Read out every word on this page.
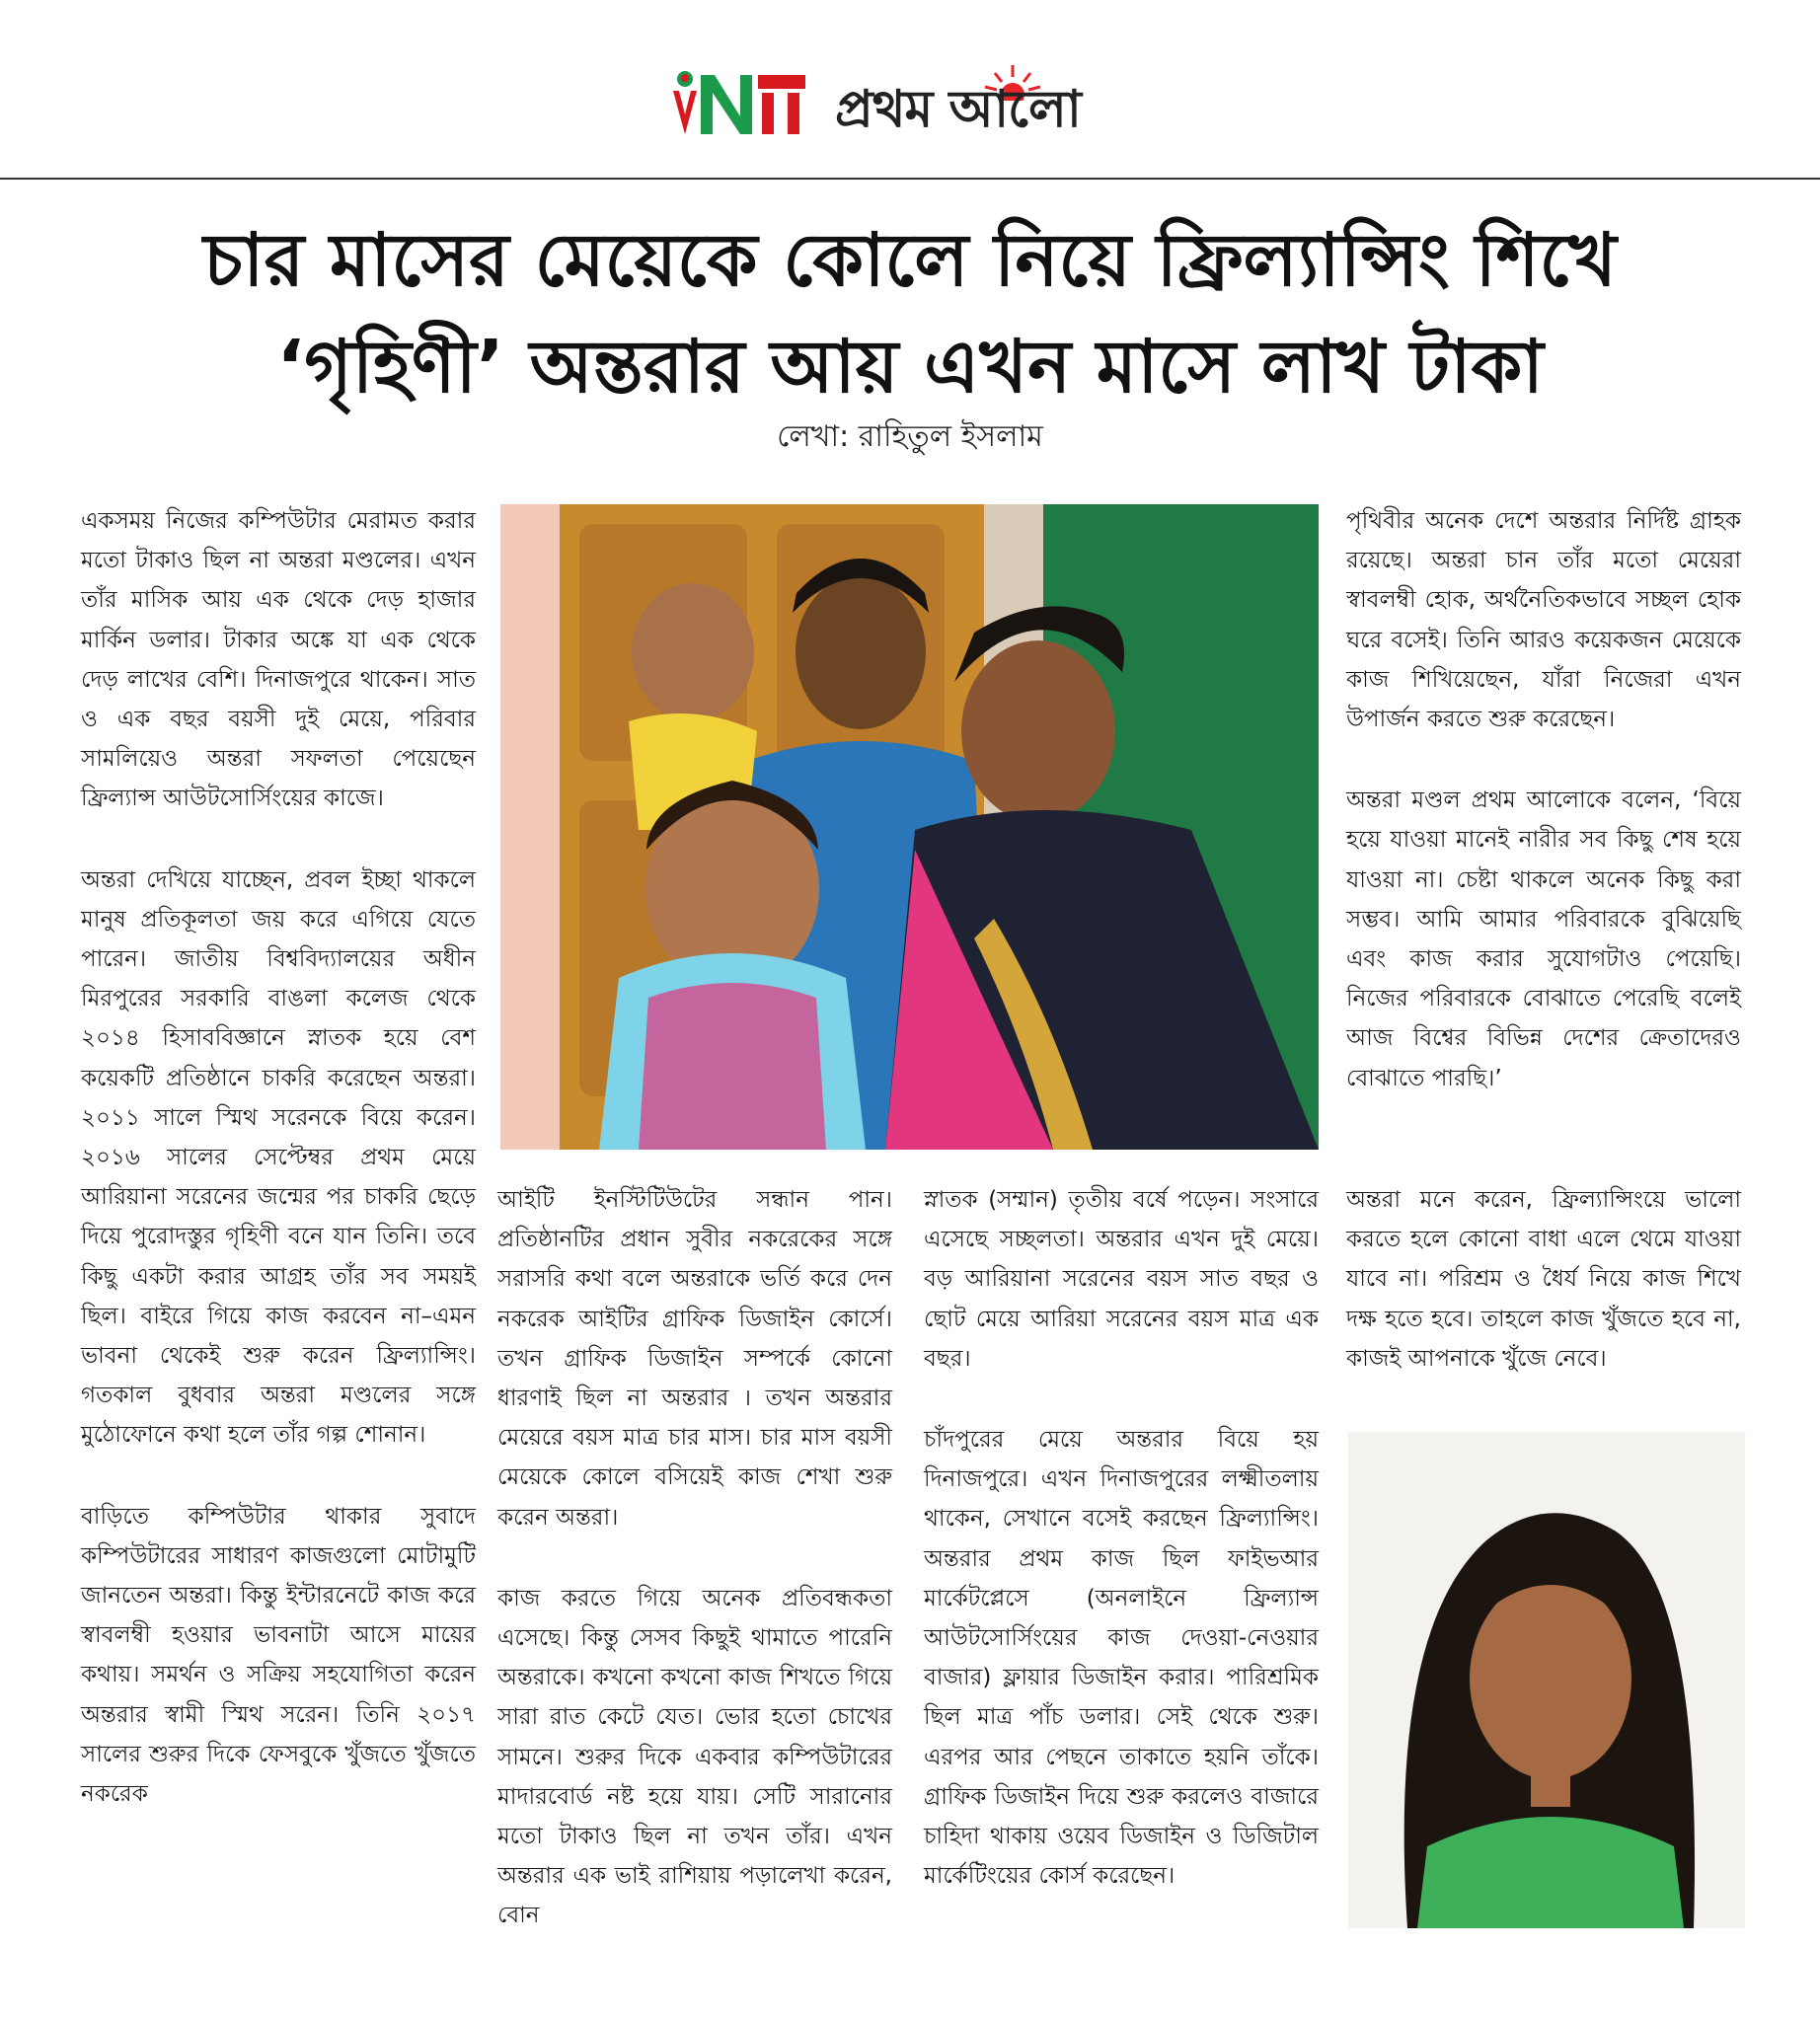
প্রথম আলো
চার মাসের মেয়েকে কোলে নিয়ে ফ্রিল্যান্সিং শিখে
‘গৃহিণী’ অন্তরার আয় এখন মাসে লাখ টাকা
লেখা: রাহিতুল ইসলাম

একসময় নিজের কম্পিউটার মেরামত করার মতো টাকাও ছিল না অন্তরা মণ্ডলের। এখন তাঁর মাসিক আয় এক থেকে দেড় হাজার মার্কিন ডলার। টাকার অঙ্কে যা এক থেকে দেড় লাখের বেশি। দিনাজপুরে থাকেন। সাত ও এক বছর বয়সী দুই মেয়ে, পরিবার সামলিয়েও অন্তরা সফলতা পেয়েছেন ফ্রিল্যান্স আউটসোর্সিংয়ের কাজে।

অন্তরা দেখিয়ে যাচ্ছেন, প্রবল ইচ্ছা থাকলে মানুষ প্রতিকূলতা জয় করে এগিয়ে যেতে পারেন। জাতীয় বিশ্ববিদ্যালয়ের অধীন মিরপুরের সরকারি বাঙলা কলেজ থেকে ২০১৪ হিসাববিজ্ঞানে স্নাতক হয়ে বেশ কয়েকটি প্রতিষ্ঠানে চাকরি করেছেন অন্তরা। ২০১১ সালে স্মিথ সরেনকে বিয়ে করেন। ২০১৬ সালের সেপ্টেম্বর প্রথম মেয়ে আরিয়ানা সরেনের জন্মের পর চাকরি ছেড়ে দিয়ে পুরোদস্তুর গৃহিণী বনে যান তিনি। তবে কিছু একটা করার আগ্রহ তাঁর সব সময়ই ছিল। বাইরে গিয়ে কাজ করবেন না–এমন ভাবনা থেকেই শুরু করেন ফ্রিল্যান্সিং। গতকাল বুধবার অন্তরা মণ্ডলের সঙ্গে মুঠোফোনে কথা হলে তাঁর গল্প শোনান।

বাড়িতে কম্পিউটার থাকার সুবাদে কম্পিউটারের সাধারণ কাজগুলো মোটামুটি জানতেন অন্তরা। কিন্তু ইন্টারনেটে কাজ করে স্বাবলম্বী হওয়ার ভাবনাটা আসে মায়ের কথায়। সমর্থন ও সক্রিয় সহযোগিতা করেন অন্তরার স্বামী স্মিথ সরেন। তিনি ২০১৭ সালের শুরুর দিকে ফেসবুকে খুঁজতে খুঁজতে নকরেক

আইটি ইনস্টিটিউটের সন্ধান পান। প্রতিষ্ঠানটির প্রধান সুবীর নকরেকের সঙ্গে সরাসরি কথা বলে অন্তরাকে ভর্তি করে দেন নকরেক আইটির গ্রাফিক ডিজাইন কোর্সে। তখন গ্রাফিক ডিজাইন সম্পর্কে কোনো ধারণাই ছিল না অন্তরার । তখন অন্তরার মেয়েরে বয়স মাত্র চার মাস। চার মাস বয়সী মেয়েকে কোলে বসিয়েই কাজ শেখা শুরু করেন অন্তরা।

কাজ করতে গিয়ে অনেক প্রতিবন্ধকতা এসেছে। কিন্তু সেসব কিছুই থামাতে পারেনি অন্তরাকে। কখনো কখনো কাজ শিখতে গিয়ে সারা রাত কেটে যেত। ভোর হতো চোখের সামনে। শুরুর দিকে একবার কম্পিউটারের মাদারবোর্ড নষ্ট হয়ে যায়। সেটি সারানোর মতো টাকাও ছিল না তখন তাঁর। এখন অন্তরার এক ভাই রাশিয়ায় পড়ালেখা করেন, বোন

স্নাতক (সম্মান) তৃতীয় বর্ষে পড়েন। সংসারে এসেছে সচ্ছলতা। অন্তরার এখন দুই মেয়ে। বড় আরিয়ানা সরেনের বয়স সাত বছর ও ছোট মেয়ে আরিয়া সরেনের বয়স মাত্র এক বছর।

চাঁদপুরের মেয়ে অন্তরার বিয়ে হয় দিনাজপুরে। এখন দিনাজপুরের লক্ষ্মীতলায় থাকেন, সেখানে বসেই করছেন ফ্রিল্যান্সিং। অন্তরার প্রথম কাজ ছিল ফাইভআর মার্কেটপ্লেসে (অনলাইনে ফ্রিল্যান্স আউটসোর্সিংয়ের কাজ দেওয়া-নেওয়ার বাজার) ফ্লায়ার ডিজাইন করার। পারিশ্রমিক ছিল মাত্র পাঁচ ডলার। সেই থেকে শুরু। এরপর আর পেছনে তাকাতে হয়নি তাঁকে। গ্রাফিক ডিজাইন দিয়ে শুরু করলেও বাজারে চাহিদা থাকায় ওয়েব ডিজাইন ও ডিজিটাল মার্কেটিংয়ের কোর্স করেছেন।

পৃথিবীর অনেক দেশে অন্তরার নির্দিষ্ট গ্রাহক রয়েছে। অন্তরা চান তাঁর মতো মেয়েরা স্বাবলম্বী হোক, অর্থনৈতিকভাবে সচ্ছল হোক ঘরে বসেই। তিনি আরও কয়েকজন মেয়েকে কাজ শিখিয়েছেন, যাঁরা নিজেরা এখন উপার্জন করতে শুরু করেছেন।

অন্তরা মণ্ডল প্রথম আলোকে বলেন, ‘বিয়ে হয়ে যাওয়া মানেই নারীর সব কিছু শেষ হয়ে যাওয়া না। চেষ্টা থাকলে অনেক কিছু করা সম্ভব। আমি আমার পরিবারকে বুঝিয়েছি এবং কাজ করার সুযোগটাও পেয়েছি। নিজের পরিবারকে বোঝাতে পেরেছি বলেই আজ বিশ্বের বিভিন্ন দেশের ক্রেতাদেরও বোঝাতে পারছি।’

অন্তরা মনে করেন, ফ্রিল্যান্সিংয়ে ভালো করতে হলে কোনো বাধা এলে থেমে যাওয়া যাবে না। পরিশ্রম ও ধৈর্য নিয়ে কাজ শিখে দক্ষ হতে হবে। তাহলে কাজ খুঁজতে হবে না, কাজই আপনাকে খুঁজে নেবে।
